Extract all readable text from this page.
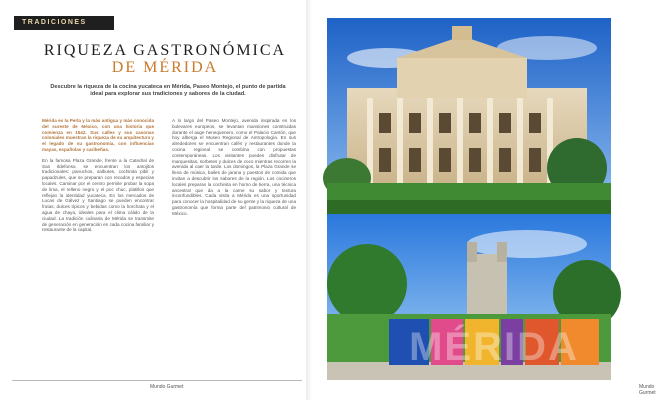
TRADICIONES
RIQUEZA GASTRONÓMICA
DE MÉRIDA
Descubre la riqueza de la cocina yucateca en Mérida, Paseo Montejo, el punto de partida ideal para explorar sus tradiciones y sabores de la ciudad.

Mérida es la Perla y la más antigua y más conocida del sureste de México, con una historia que comienza en 1542. Sus calles y sus casonas coloniales muestran la riqueza de su arquitectura y el legado de su gastronomía, con influencias mayas, españolas y caribeñas.

En la famosa Plaza Grande, frente a la Catedral de San Ildefonso, se encuentran los antojitos tradicionales: panuchos, salbutes, cochinita pibil y papadzules, que se preparan con recados y especias locales. Caminar por el centro permite probar la sopa de lima, el relleno negro y el poc chuc, platillos que reflejan la identidad yucateca. En los mercados de Lucas de Gálvez y Santiago se pueden encontrar frutas, dulces típicos y bebidas como la horchata y el agua de chaya, ideales para el clima cálido de la ciudad. La tradición culinaria de Mérida se transmite de generación en generación en cada cocina familiar y restaurante de la capital.

A lo largo del Paseo Montejo, avenida inspirada en los bulevares europeos, se levantan mansiones construidas durante el auge henequenero, como el Palacio Cantón, que hoy alberga el Museo Regional de Antropología. En sus alrededores se encuentran cafés y restaurantes donde la cocina regional se combina con propuestas contemporáneas. Los visitantes pueden disfrutar de marquesitas, sorbetes y dulces de coco mientras recorren la avenida al caer la tarde. Los domingos, la Plaza Grande se llena de música, bailes de jarana y puestos de comida que invitan a descubrir los sabores de la región. Los cocineros locales preparan la cochinita en horno de tierra, una técnica ancestral que da a la carne su sabor y textura inconfundibles. Cada visita a Mérida es una oportunidad para conocer la hospitalidad de su gente y la riqueza de una gastronomía que forma parte del patrimonio cultural de México.

Mundo Gurmet
MÉRIDA
Mundo Gurmet
